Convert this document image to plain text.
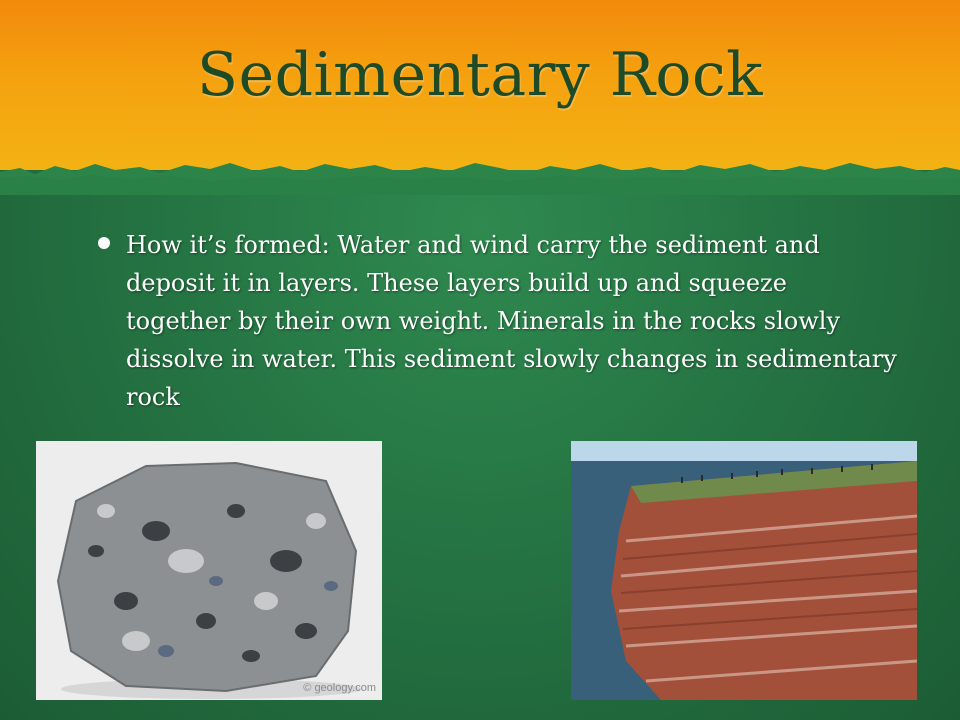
Sedimentary Rock
How it’s formed: Water and wind carry the sediment and deposit it in layers. These layers build up and squeeze together by their own weight. Minerals in the rocks slowly dissolve in water. This sediment slowly changes in sedimentary rock
© geology.com
